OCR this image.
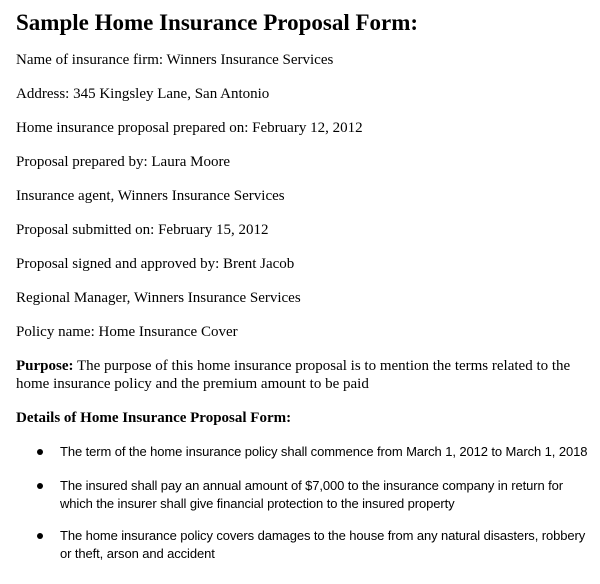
Sample Home Insurance Proposal Form:

Name of insurance firm: Winners Insurance Services

Address: 345 Kingsley Lane, San Antonio

Home insurance proposal prepared on: February 12, 2012

Proposal prepared by: Laura Moore

Insurance agent, Winners Insurance Services

Proposal submitted on: February 15, 2012

Proposal signed and approved by: Brent Jacob

Regional Manager, Winners Insurance Services

Policy name: Home Insurance Cover

Purpose: The purpose of this home insurance proposal is to mention the terms related to the home insurance policy and the premium amount to be paid

Details of Home Insurance Proposal Form:

The term of the home insurance policy shall commence from March 1, 2012 to March 1, 2018

The insured shall pay an annual amount of $7,000 to the insurance company in return for which the insurer shall give financial protection to the insured property

The home insurance policy covers damages to the house from any natural disasters, robbery or theft, arson and accident
